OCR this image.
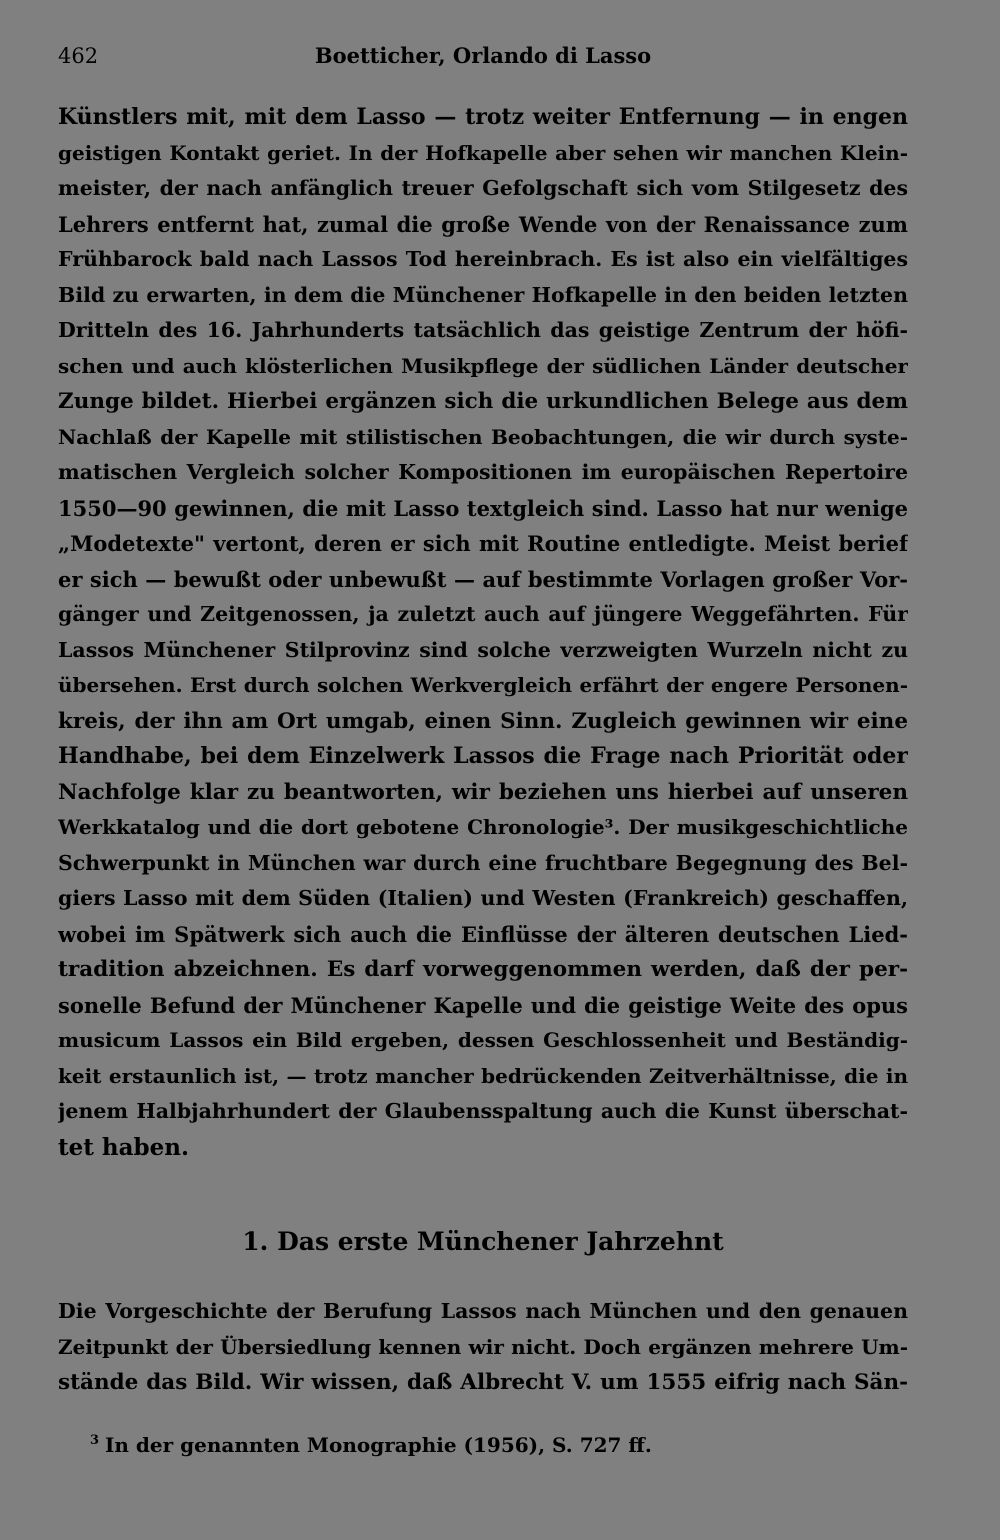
462	Boetticher, Orlando di Lasso
Künstlers mit, mit dem Lasso — trotz weiter Entfernung — in engen
geistigen Kontakt geriet. In der Hofkapelle aber sehen wir manchen Klein-
meister, der nach anfänglich treuer Gefolgschaft sich vom Stilgesetz des
Lehrers entfernt hat, zumal die große Wende von der Renaissance zum
Frühbarock bald nach Lassos Tod hereinbrach. Es ist also ein vielfältiges
Bild zu erwarten, in dem die Münchener Hofkapelle in den beiden letzten
Dritteln des 16. Jahrhunderts tatsächlich das geistige Zentrum der höfi-
schen und auch klösterlichen Musikpflege der südlichen Länder deutscher
Zunge bildet. Hierbei ergänzen sich die urkundlichen Belege aus dem
Nachlaß der Kapelle mit stilistischen Beobachtungen, die wir durch syste-
matischen Vergleich solcher Kompositionen im europäischen Repertoire
1550—90 gewinnen, die mit Lasso textgleich sind. Lasso hat nur wenige
„Modetexte" vertont, deren er sich mit Routine entledigte. Meist berief
er sich — bewußt oder unbewußt — auf bestimmte Vorlagen großer Vor-
gänger und Zeitgenossen, ja zuletzt auch auf jüngere Weggefährten. Für
Lassos Münchener Stilprovinz sind solche verzweigten Wurzeln nicht zu
übersehen. Erst durch solchen Werkvergleich erfährt der engere Personen-
kreis, der ihn am Ort umgab, einen Sinn. Zugleich gewinnen wir eine
Handhabe, bei dem Einzelwerk Lassos die Frage nach Priorität oder
Nachfolge klar zu beantworten, wir beziehen uns hierbei auf unseren
Werkkatalog und die dort gebotene Chronologie³. Der musikgeschichtliche
Schwerpunkt in München war durch eine fruchtbare Begegnung des Bel-
giers Lasso mit dem Süden (Italien) und Westen (Frankreich) geschaffen,
wobei im Spätwerk sich auch die Einflüsse der älteren deutschen Lied-
tradition abzeichnen. Es darf vorweggenommen werden, daß der per-
sonelle Befund der Münchener Kapelle und die geistige Weite des opus
musicum Lassos ein Bild ergeben, dessen Geschlossenheit und Beständig-
keit erstaunlich ist, — trotz mancher bedrückenden Zeitverhältnisse, die in
jenem Halbjahrhundert der Glaubensspaltung auch die Kunst überschat-
tet haben.
1. Das erste Münchener Jahrzehnt
Die Vorgeschichte der Berufung Lassos nach München und den genauen
Zeitpunkt der Übersiedlung kennen wir nicht. Doch ergänzen mehrere Um-
stände das Bild. Wir wissen, daß Albrecht V. um 1555 eifrig nach Sän-
$^3$ In der genannten Monographie (1956), S. 727 ff.
